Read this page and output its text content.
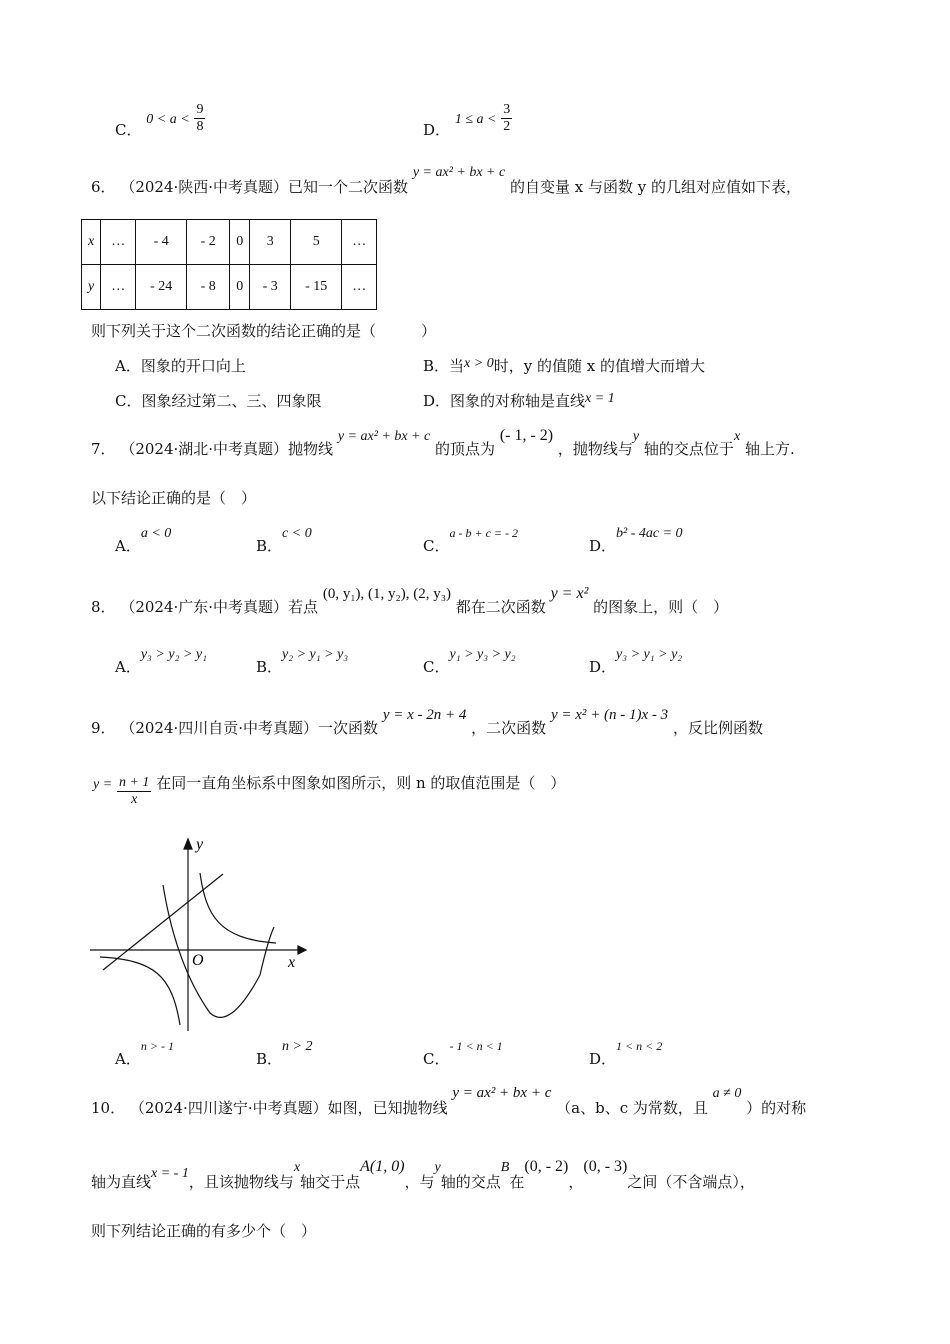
C． $0 < a < \frac{9}{8}$	D． $1 \le a < \frac{3}{2}$
6． （2024·陕西·中考真题）已知一个二次函数 y = ax² + bx + c 的自变量 x 与函数 y 的几组对应值如下表，
x	…	- 4	- 2	0	3	5	…
y	…	- 24	- 8	0	- 3	- 15	…
则下列关于这个二次函数的结论正确的是（　　　）
A．图象的开口向上	B．当x > 0时，y 的值随 x 的值增大而增大
C．图象经过第二、三、四象限	D．图象的对称轴是直线x = 1
7． （2024·湖北·中考真题）抛物线 y = ax² + bx + c 的顶点为 (- 1, - 2) ，抛物线与y 轴的交点位于x 轴上方.
以下结论正确的是（　）
A．a < 0
B．c < 0
C．a - b + c = - 2
D．b² - 4ac = 0
8． （2024·广东·中考真题）若点 (0, y₁), (1, y₂), (2, y₃) 都在二次函数 y = x² 的图象上，则（　）
A．y₃ > y₂ > y₁
B．y₂ > y₁ > y₃
C．y₁ > y₃ > y₂
D．y₃ > y₁ > y₂
9． （2024·四川自贡·中考真题）一次函数 y = x - 2n + 4 ，二次函数 y = x² + (n - 1)x - 3 ，反比例函数
$y = \frac{n + 1}{x}$ 在同一直角坐标系中图象如图所示，则 n 的取值范围是（　）
y
x
O
A．n > - 1
B．n > 2
C．- 1 < n < 1
D．1 < n < 2
10． （2024·四川遂宁·中考真题）如图，已知抛物线 y = ax² + bx + c （a、b、c 为常数，且 a ≠ 0 ）的对称
轴为直线x = - 1，且该抛物线与x轴交于点A(1, 0)，与y轴的交点B在(0, - 2)，(0, - 3)之间（不含端点），
则下列结论正确的有多少个（　）
